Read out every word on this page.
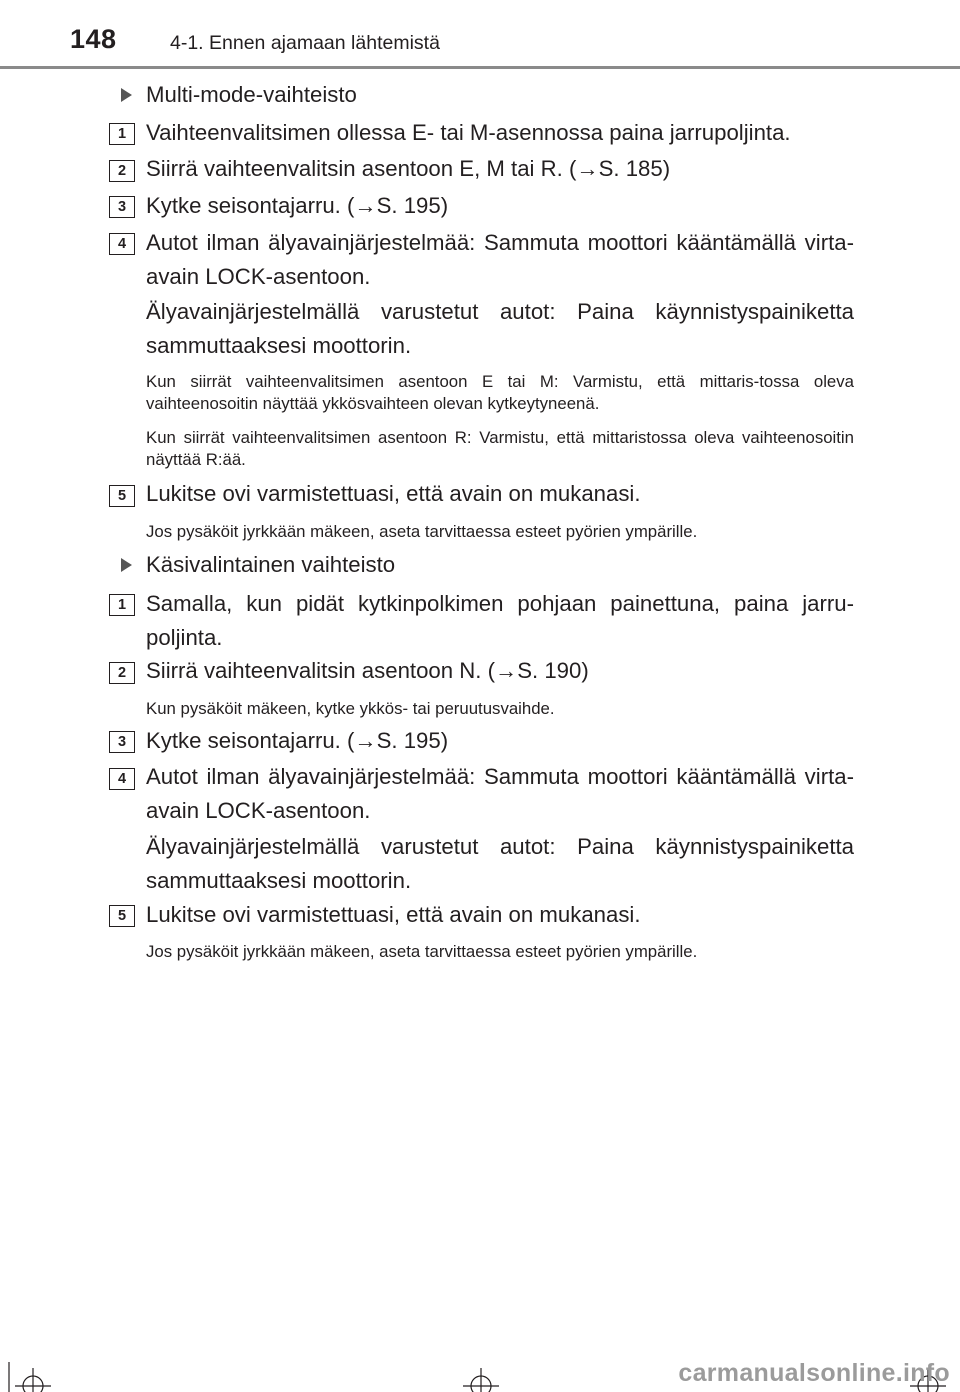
148	4-1. Ennen ajamaan lähtemistä
Multi-mode-vaihteisto
1 Vaihteenvalitsimen ollessa E- tai M-asennossa paina jarrupoljinta.
2 Siirrä vaihteenvalitsin asentoon E, M tai R. (→S. 185)
3 Kytke seisontajarru. (→S. 195)
4 Autot ilman älyavainjärjestelmää: Sammuta moottori kääntämällä virta-avain LOCK-asentoon.
Älyavainjärjestelmällä varustetut autot: Paina käynnistyspainiketta sammuttaaksesi moottorin.
Kun siirrät vaihteenvalitsimen asentoon E tai M: Varmistu, että mittaris-tossa oleva vaihteenosoitin näyttää ykkösvaihteen olevan kytkeytyneenä.
Kun siirrät vaihteenvalitsimen asentoon R: Varmistu, että mittaristossa oleva vaihteenosoitin näyttää R:ää.
5 Lukitse ovi varmistettuasi, että avain on mukanasi.
Jos pysäköit jyrkkään mäkeen, aseta tarvittaessa esteet pyörien ympärille.
Käsivalintainen vaihteisto
1 Samalla, kun pidät kytkinpolkimen pohjaan painettuna, paina jarru-poljinta.
2 Siirrä vaihteenvalitsin asentoon N. (→S. 190)
Kun pysäköit mäkeen, kytke ykkös- tai peruutusvaihde.
3 Kytke seisontajarru. (→S. 195)
4 Autot ilman älyavainjärjestelmää: Sammuta moottori kääntämällä virta-avain LOCK-asentoon.
Älyavainjärjestelmällä varustetut autot: Paina käynnistyspainiketta sammuttaaksesi moottorin.
5 Lukitse ovi varmistettuasi, että avain on mukanasi.
Jos pysäköit jyrkkään mäkeen, aseta tarvittaessa esteet pyörien ympärille.
carmanualsonline.info
